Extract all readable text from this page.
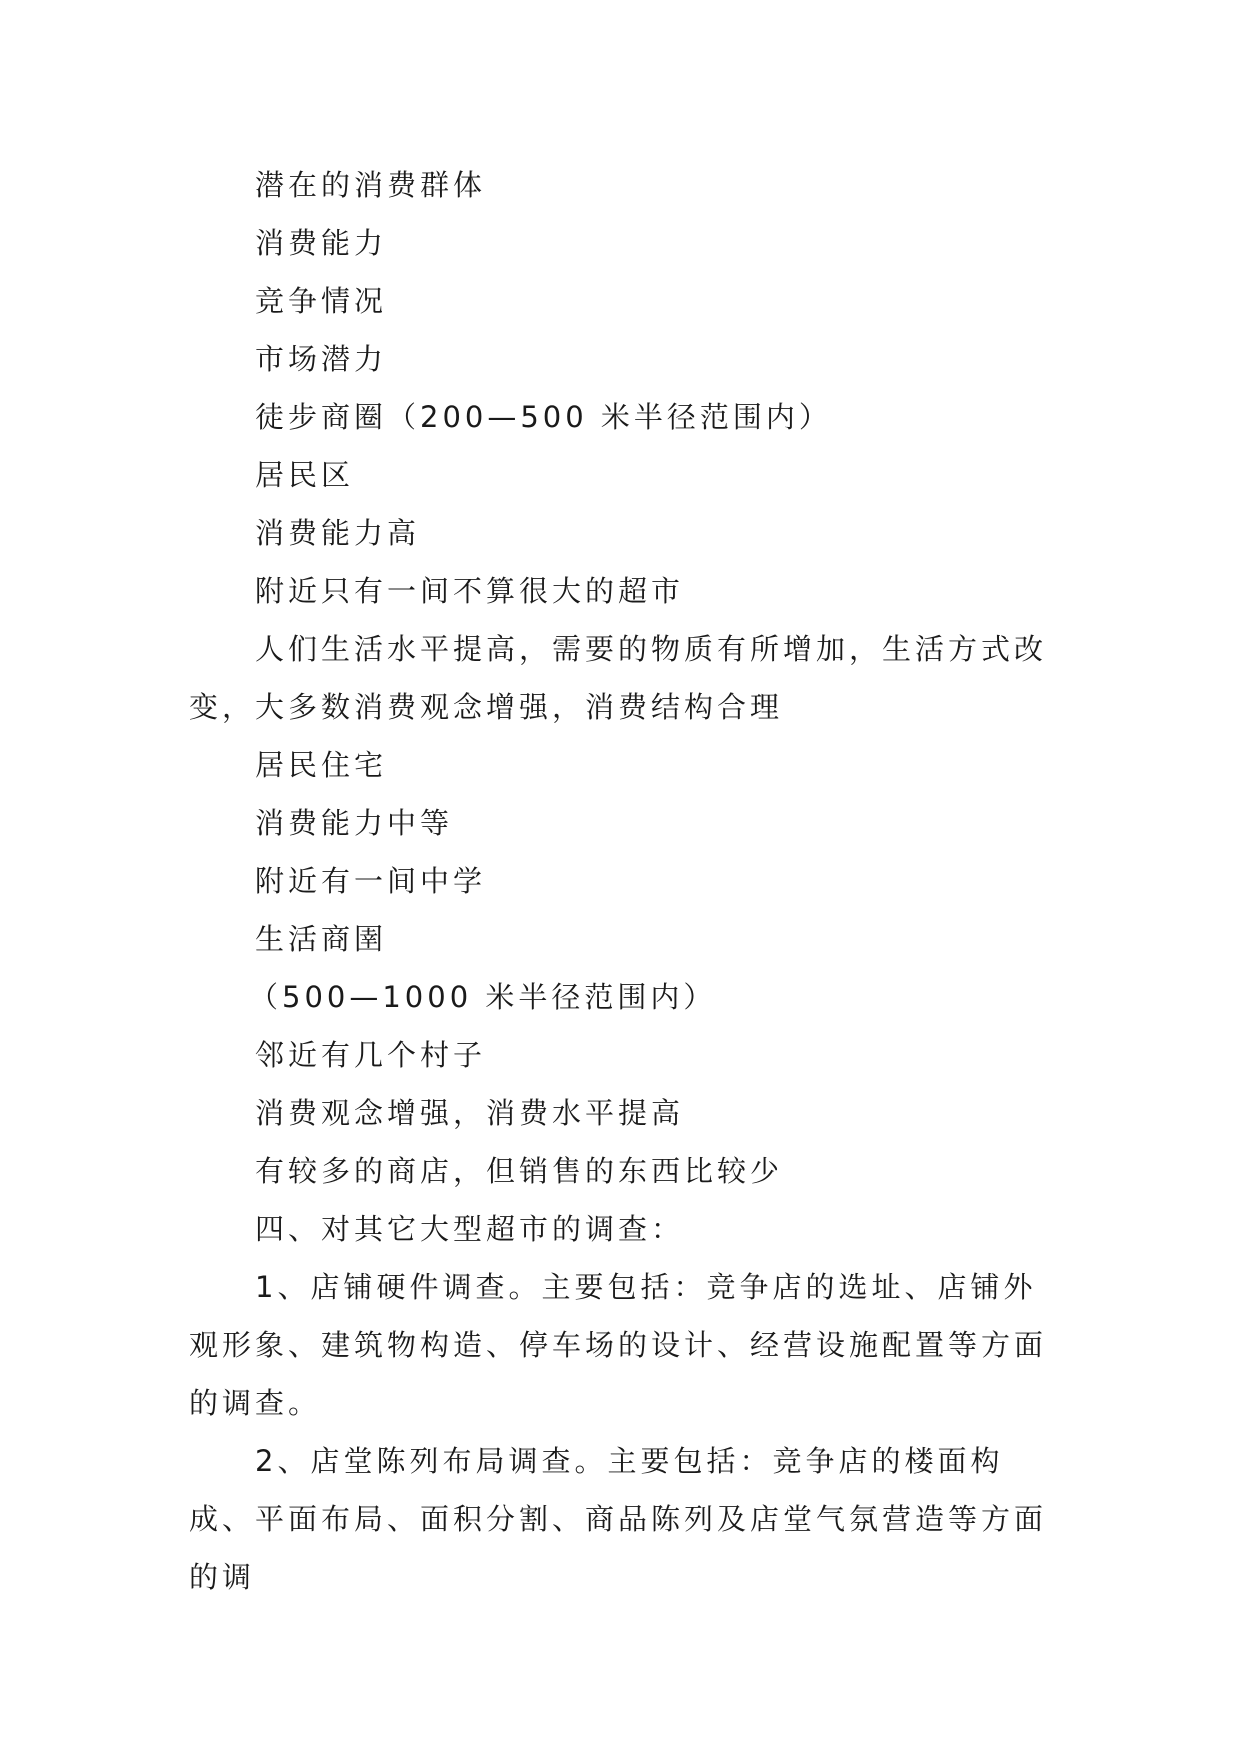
潜在的消费群体

消费能力

竞争情况

市场潜力

徒步商圈（200—500 米半径范围内）

居民区

消费能力高

附近只有一间不算很大的超市

人们生活水平提高，需要的物质有所增加，生活方式改变，大多数消费观念增强，消费结构合理

居民住宅

消费能力中等

附近有一间中学

生活商圉

（500—1000 米半径范围内）

邻近有几个村子

消费观念增强，消费水平提高

有较多的商店，但销售的东西比较少

四、对其它大型超市的调查：

1、店铺硬件调查。主要包括：竞争店的选址、店铺外观形象、建筑物构造、停车场的设计、经营设施配置等方面的调查。

2、店堂陈列布局调查。主要包括：竞争店的楼面构成、平面布局、面积分割、商品陈列及店堂气氛营造等方面的调
